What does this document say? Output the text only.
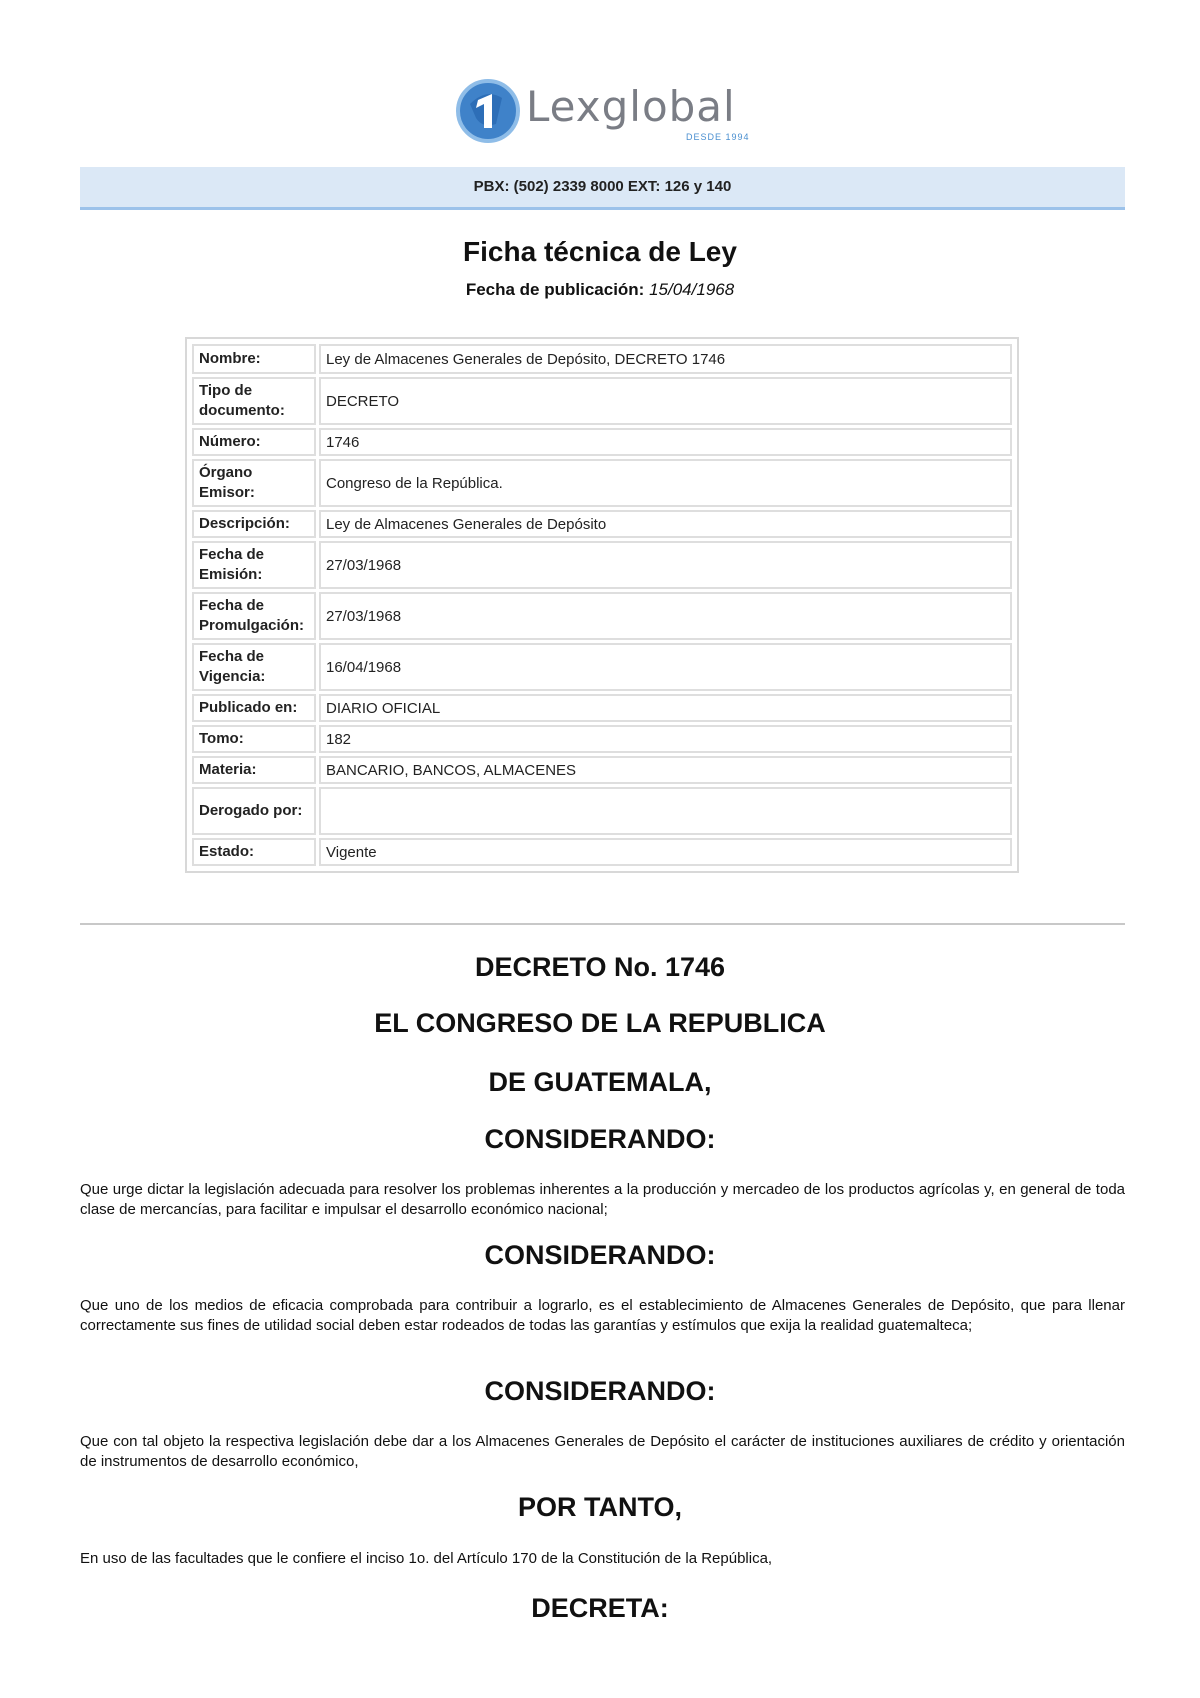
Lexglobal
DESDE 1994
PBX: (502) 2339 8000 EXT: 126 y 140
Ficha técnica de Ley
Fecha de publicación: 15/04/1968
Nombre:	Ley de Almacenes Generales de Depósito, DECRETO 1746
Tipo de documento:	DECRETO
Número:	1746
Órgano Emisor:	Congreso de la República.
Descripción:	Ley de Almacenes Generales de Depósito
Fecha de Emisión:	27/03/1968
Fecha de Promulgación:	27/03/1968
Fecha de Vigencia:	16/04/1968
Publicado en:	DIARIO OFICIAL
Tomo:	182
Materia:	BANCARIO, BANCOS, ALMACENES
Derogado por:	
Estado:	Vigente
DECRETO No. 1746
EL CONGRESO DE LA REPUBLICA
DE GUATEMALA,
CONSIDERANDO:
Que urge dictar la legislación adecuada para resolver los problemas inherentes a la producción y mercadeo de los productos agrícolas y, en general de toda clase de mercancías, para facilitar e impulsar el desarrollo económico nacional;
CONSIDERANDO:
Que uno de los medios de eficacia comprobada para contribuir a lograrlo, es el establecimiento de Almacenes Generales de Depósito, que para llenar correctamente sus fines de utilidad social deben estar rodeados de todas las garantías y estímulos que exija la realidad guatemalteca;
CONSIDERANDO:
Que con tal objeto la respectiva legislación debe dar a los Almacenes Generales de Depósito el carácter de instituciones auxiliares de crédito y orientación de instrumentos de desarrollo económico,
POR TANTO,
En uso de las facultades que le confiere el inciso 1o. del Artículo 170 de la Constitución de la República,
DECRETA:
